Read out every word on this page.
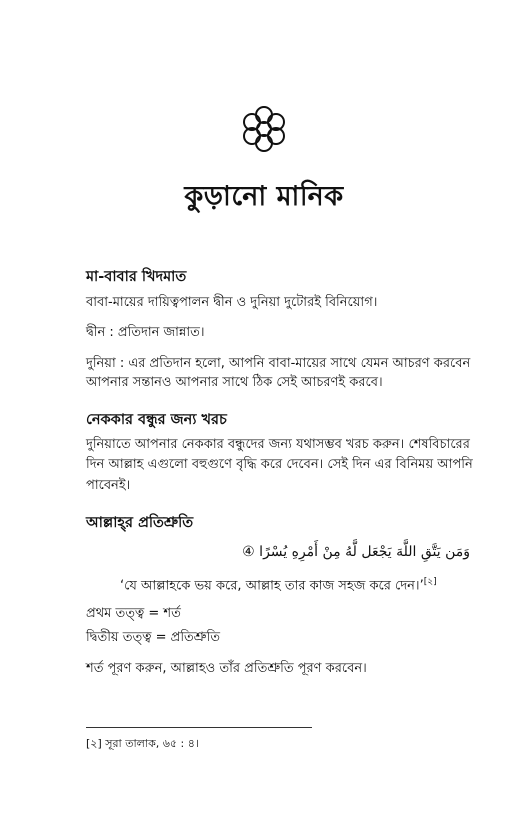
কুড়ানো মানিক
মা-বাবার খিদমাত
বাবা-মায়ের দায়িত্বপালন দ্বীন ও দুনিয়া দুটোরই বিনিয়োগ।
দ্বীন : প্রতিদান জান্নাত।
দুনিয়া : এর প্রতিদান হলো, আপনি বাবা-মায়ের সাথে যেমন আচরণ করবেন
আপনার সন্তানও আপনার সাথে ঠিক সেই আচরণই করবে।
নেককার বন্ধুর জন্য খরচ
দুনিয়াতে আপনার নেককার বন্ধুদের জন্য যথাসম্ভব খরচ করুন। শেষবিচারের
দিন আল্লাহ এগুলো বহুগুণে বৃদ্ধি করে দেবেন। সেই দিন এর বিনিময় আপনি
পাবেনই।
আল্লাহ্‌র প্রতিশ্রুতি
وَمَن يَتَّقِ اللَّهَ يَجْعَل لَّهُ مِنْ أَمْرِهِ يُسْرًا ④
‘যে আল্লাহকে ভয় করে, আল্লাহ তার কাজ সহজ করে দেন।’[২]
প্রথম তত্ত্ব = শর্ত
দ্বিতীয় তত্ত্ব = প্রতিশ্রুতি
শর্ত পূরণ করুন, আল্লাহও তাঁর প্রতিশ্রুতি পূরণ করবেন।
[২] সূরা তালাক, ৬৫ : ৪।
